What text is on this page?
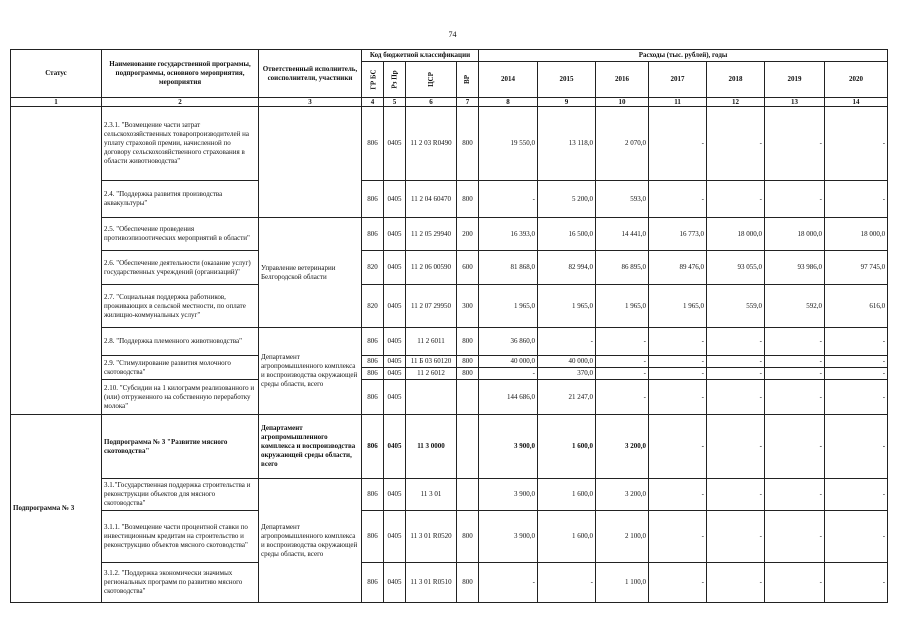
74
Статус	Наименование государственной программы, подпрограммы, основного мероприятия, мероприятия	Ответственный исполнитель, соисполнители, участники	Код бюджетной классификации				Расходы (тыс. рублей), годы						
			ГР БС	Рз Пр	ЦСР	ВР	2014	2015	2016	2017	2018	2019	2020
1	2	3	4	5	6	7	8	9	10	11	12	13	14
	2.3.1. "Возмещение части затрат сельскохозяйственных товаропроизводителей на уплату страховой премии, начисленной по договору сельскохозяйственного страхования в области животноводства"		806	0405	11 2 03 R0490	800	19 550,0	13 118,0	2 070,0	-	-	-	-
	2.4. "Поддержка развития производства аквакультуры"		806	0405	11 2 04 60470	800	-	5 200,0	593,0	-	-	-	-
	2.5. "Обеспечение проведения противоэпизоотических мероприятий в области"	Управление ветеринарии Белгородской области	806	0405	11 2 05 29940	200	16 393,0	16 500,0	14 441,0	16 773,0	18 000,0	18 000,0	18 000,0
	2.6. "Обеспечение деятельности (оказание услуг) государственных учреждений (организаций)"		820	0405	11 2 06 00590	600	81 868,0	82 994,0	86 895,0	89 476,0	93 055,0	93 986,0	97 745,0
	2.7. "Социальная поддержка работников, проживающих в сельской местности, по оплате жилищно-коммунальных услуг"		820	0405	11 2 07 29950	300	1 965,0	1 965,0	1 965,0	1 965,0	559,0	592,0	616,0
	2.8. "Поддержка племенного животноводства"	Департамент агропромышленного комплекса и воспроизводства окружающей среды области, всего	806	0405	11 2 6011	800	36 860,0	-	-	-	-	-	-
	2.9. "Стимулирование развития молочного скотоводства"		806	0405	11 Б 03 60120	800	40 000,0	40 000,0	-	-	-	-	-
			806	0405	11 2 6012	800	-	370,0	-	-	-	-	-
	2.10. "Субсидии на 1 килограмм реализованного и (или) отгруженного на собственную переработку молока"		806	0405			144 686,0	21 247,0	-	-	-	-	-
Подпрограмма № 3	Подпрограмма № 3 "Развитие мясного скотоводства"	Департамент агропромышленного комплекса и воспроизводства окружающей среды области, всего	806	0405	11 3 0000		3 900,0	1 600,0	3 200,0	-	-	-	-
	3.1."Государственная поддержка строительства и реконструкции объектов для мясного скотоводства"	Департамент агропромышленного комплекса и воспроизводства окружающей среды области, всего	806	0405	11 3 01		3 900,0	1 600,0	3 200,0	-	-	-	-
	3.1.1. "Возмещение части процентной ставки по инвестиционным кредитам на строительство и реконструкцию объектов мясного скотоводства"		806	0405	11 3 01 R0520	800	3 900,0	1 600,0	2 100,0	-	-	-	-
	3.1.2. "Поддержка экономически значимых региональных программ по развитию мясного скотоводства"		806	0405	11 3 01 R0510	800	-	-	1 100,0	-	-	-	-
